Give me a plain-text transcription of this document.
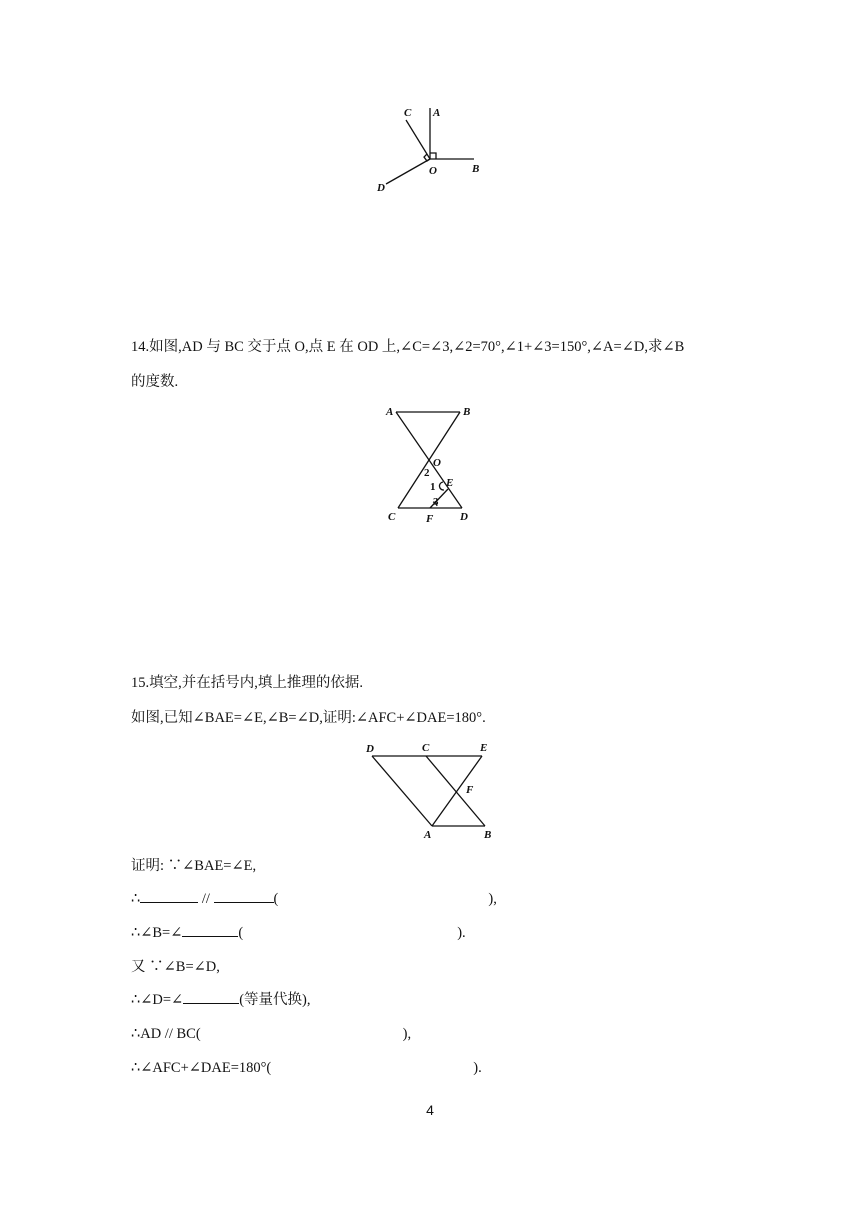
C A
O	B
D
14.如图,AD 与 BC 交于点 O,点 E 在 OD 上,∠C=∠3,∠2=70°,∠1+∠3=150°,∠A=∠D,求∠B
的度数.
A	B
O
2
E
1
3
C	F D
15.填空,并在括号内,填上推理的依据.
如图,已知∠BAE=∠E,∠B=∠D,证明:∠AFC+∠DAE=180°.
D	C	E
F
A	B
证明: ∵∠BAE=∠E,
∴	//	(	),
∴∠B=∠	(	).
又 ∵∠B=∠D,
∴∠D=∠	(等量代换),
∴AD // BC(	),
∴∠AFC+∠DAE=180°(	).
4
